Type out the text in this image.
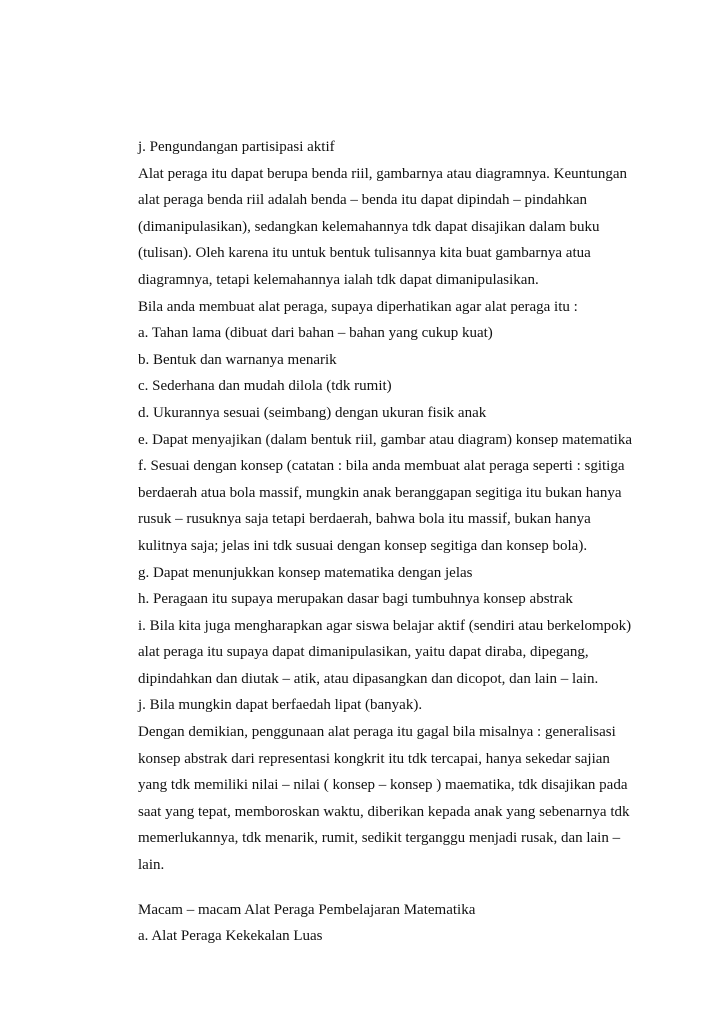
j. Pengundangan partisipasi aktif
Alat peraga itu dapat berupa benda riil, gambarnya atau diagramnya. Keuntungan
alat peraga benda riil adalah benda – benda itu dapat dipindah – pindahkan
(dimanipulasikan), sedangkan kelemahannya tdk dapat disajikan dalam buku
(tulisan). Oleh karena itu untuk bentuk tulisannya kita buat gambarnya atua
diagramnya, tetapi kelemahannya ialah tdk dapat dimanipulasikan.
Bila anda membuat alat peraga, supaya diperhatikan agar alat peraga itu :
a. Tahan lama (dibuat dari bahan – bahan yang cukup kuat)
b. Bentuk dan warnanya menarik
c. Sederhana dan mudah dilola (tdk rumit)
d. Ukurannya sesuai (seimbang) dengan ukuran fisik anak
e. Dapat menyajikan (dalam bentuk riil, gambar atau diagram) konsep matematika
f. Sesuai dengan konsep (catatan : bila anda membuat alat peraga seperti : sgitiga
berdaerah atua bola massif, mungkin anak beranggapan segitiga itu bukan hanya
rusuk – rusuknya saja tetapi berdaerah, bahwa bola itu massif, bukan hanya
kulitnya saja; jelas ini tdk susuai dengan konsep segitiga dan konsep bola).
g. Dapat menunjukkan konsep matematika dengan jelas
h. Peragaan itu supaya merupakan dasar bagi tumbuhnya konsep abstrak
i. Bila kita juga mengharapkan agar siswa belajar aktif (sendiri atau berkelompok)
alat peraga itu supaya dapat dimanipulasikan, yaitu dapat diraba, dipegang,
dipindahkan dan diutak – atik, atau dipasangkan dan dicopot, dan lain – lain.
j. Bila mungkin dapat berfaedah lipat (banyak).
Dengan demikian, penggunaan alat peraga itu gagal bila misalnya : generalisasi
konsep abstrak dari representasi kongkrit itu tdk tercapai, hanya sekedar sajian
yang tdk memiliki nilai – nilai ( konsep – konsep ) maematika, tdk disajikan pada
saat yang tepat, memboroskan waktu, diberikan kepada anak yang sebenarnya tdk
memerlukannya, tdk menarik, rumit, sedikit terganggu menjadi rusak, dan lain –
lain.
Macam – macam Alat Peraga Pembelajaran Matematika
a. Alat Peraga Kekekalan Luas
